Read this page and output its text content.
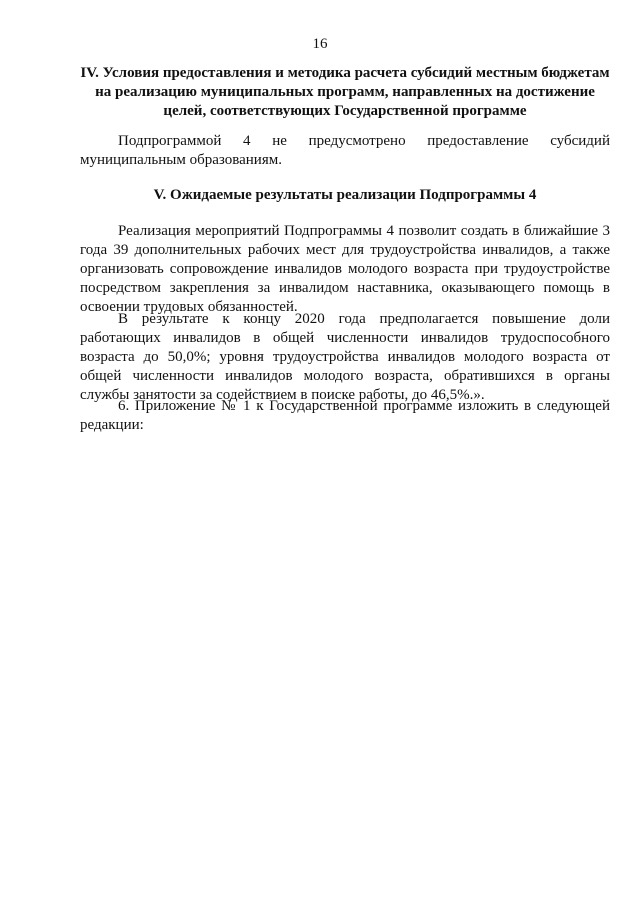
16
IV. Условия предоставления и методика расчета субсидий местным бюджетам на реализацию муниципальных программ, направленных на достижение целей, соответствующих Государственной программе

Подпрограммой 4 не предусмотрено предоставление субсидий муниципальным образованиям.

V. Ожидаемые результаты реализации Подпрограммы 4

Реализация мероприятий Подпрограммы 4 позволит создать в ближайшие 3 года 39 дополнительных рабочих мест для трудоустройства инвалидов, а также организовать сопровождение инвалидов молодого возраста при трудоустройстве посредством закрепления за инвалидом наставника, оказывающего помощь в освоении трудовых обязанностей.

В результате к концу 2020 года предполагается повышение доли работающих инвалидов в общей численности инвалидов трудоспособного возраста до 50,0%; уровня трудоустройства инвалидов молодого возраста от общей численности инвалидов молодого возраста, обратившихся в органы службы занятости за содействием в поиске работы, до 46,5%.».

6. Приложение № 1 к Государственной программе изложить в следующей редакции:
